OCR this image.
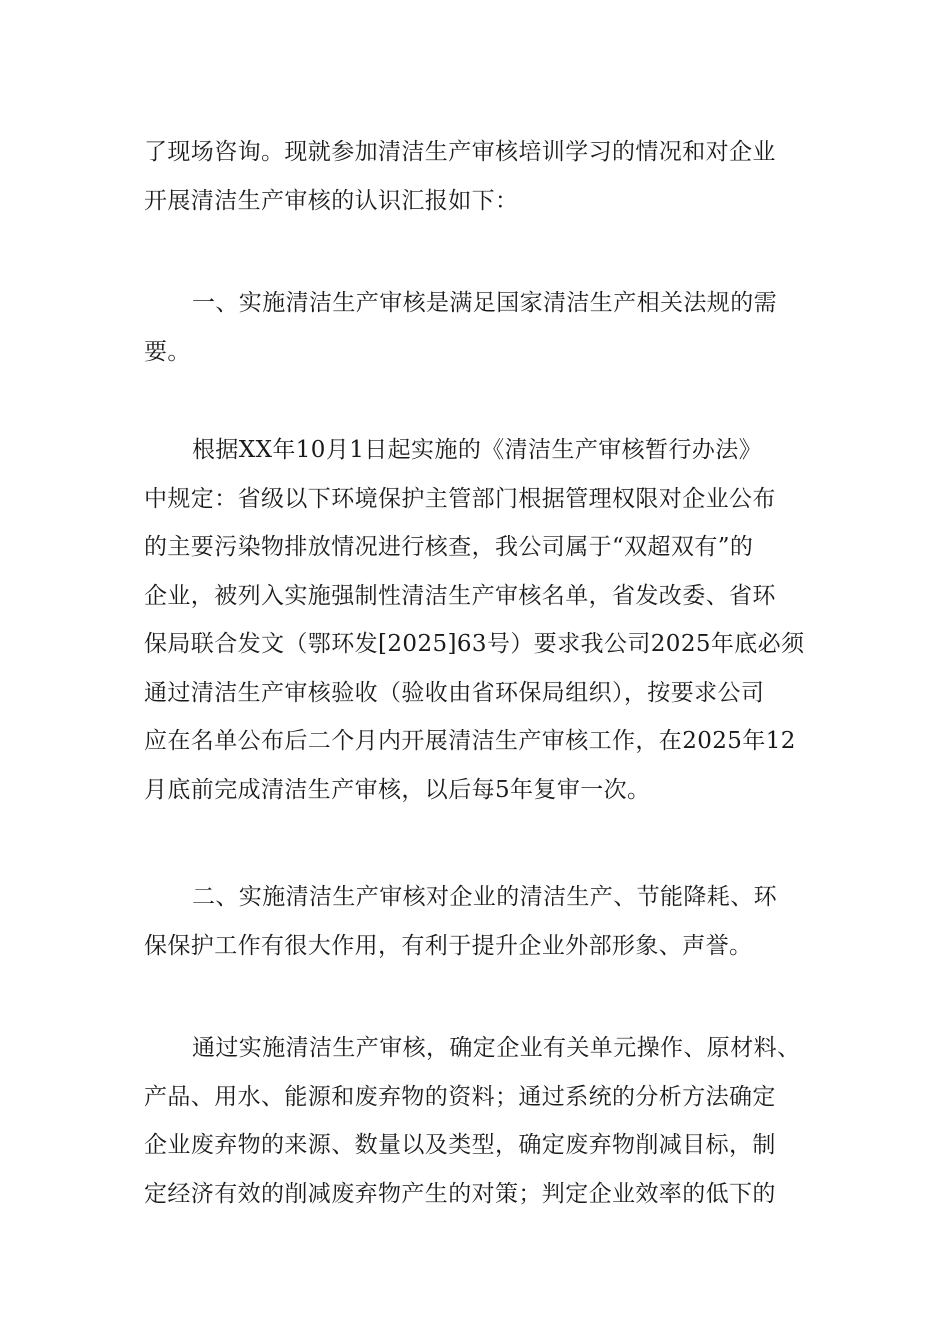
了现场咨询。现就参加清洁生产审核培训学习的情况和对企业
开展清洁生产审核的认识汇报如下：

一、实施清洁生产审核是满足国家清洁生产相关法规的需
要。

根据XX年10月1日起实施的《清洁生产审核暂行办法》
中规定：省级以下环境保护主管部门根据管理权限对企业公布
的主要污染物排放情况进行核查，我公司属于“双超双有”的
企业，被列入实施强制性清洁生产审核名单，省发改委、省环
保局联合发文（鄂环发[2025]63号）要求我公司2025年底必须
通过清洁生产审核验收（验收由省环保局组织），按要求公司
应在名单公布后二个月内开展清洁生产审核工作，在2025年12
月底前完成清洁生产审核，以后每5年复审一次。

二、实施清洁生产审核对企业的清洁生产、节能降耗、环
保保护工作有很大作用，有利于提升企业外部形象、声誉。

通过实施清洁生产审核，确定企业有关单元操作、原材料、
产品、用水、能源和废弃物的资料；通过系统的分析方法确定
企业废弃物的来源、数量以及类型，确定废弃物削减目标，制
定经济有效的削减废弃物产生的对策；判定企业效率的低下的
